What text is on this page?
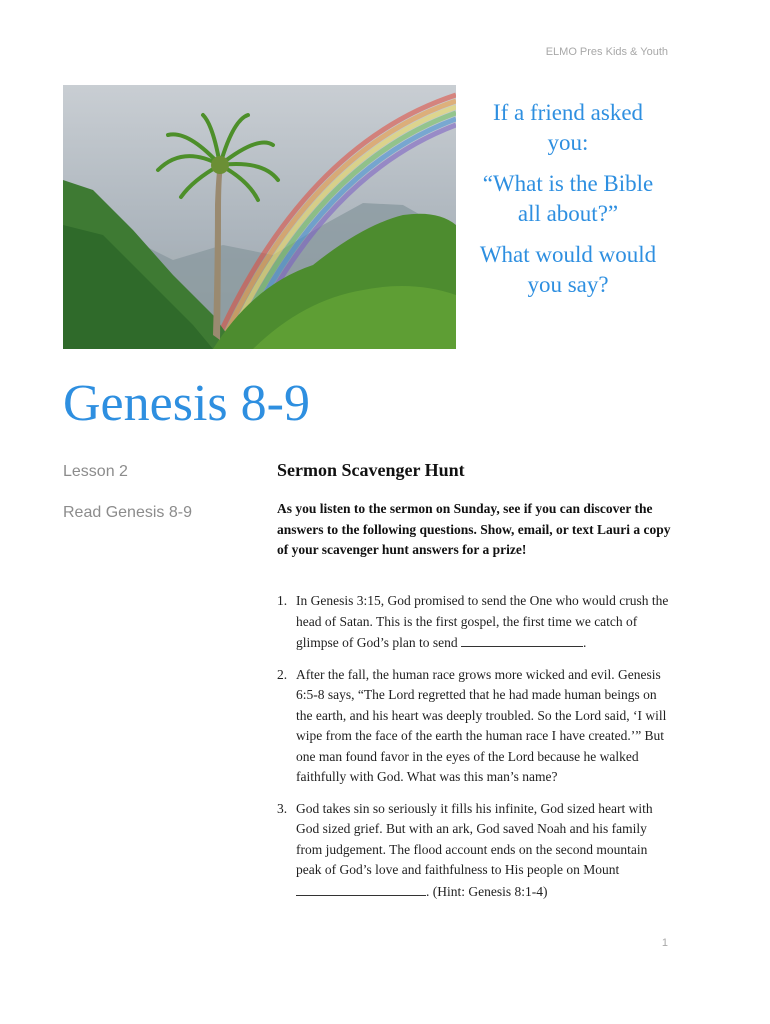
ELMO Pres Kids & Youth

If a friend asked you:

“What is the Bible all about?”

What would would you say?

Genesis 8-9
Lesson 2
Read Genesis 8-9
Sermon Scavenger Hunt

As you listen to the sermon on Sunday, see if you can discover the answers to the following questions. Show, email, or text Lauri a copy of your scavenger hunt answers for a prize!

1. In Genesis 3:15, God promised to send the One who would crush the head of Satan. This is the first gospel, the first time we catch of glimpse of God’s plan to send	.
2. After the fall, the human race grows more wicked and evil. Genesis 6:5-8 says, “The Lord regretted that he had made human beings on the earth, and his heart was deeply troubled. So the Lord said, ‘I will wipe from the face of the earth the human race I have created.’” But one man found favor in the eyes of the Lord because he walked faithfully with God. What was this man’s name?
3. God takes sin so seriously it fills his infinite, God sized heart with God sized grief. But with an ark, God saved Noah and his family from judgement. The flood account ends on the second mountain peak of God’s love and faithfulness to His people on Mount. (Hint: Genesis 8:1-4)
1
